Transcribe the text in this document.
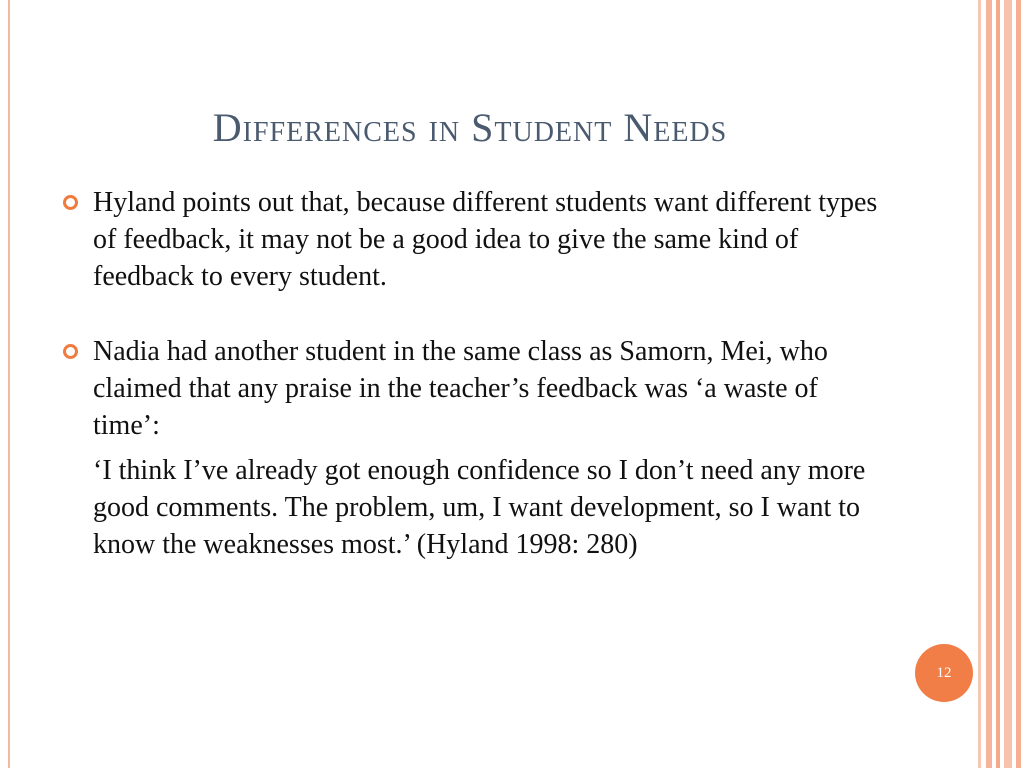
Differences in Student Needs
Hyland points out that, because different students want different types of feedback, it may not be a good idea to give the same kind of feedback to every student.
Nadia had another student in the same class as Samorn, Mei, who claimed that any praise in the teacher’s feedback was ‘a waste of time’:
‘I think I’ve already got enough confidence so I don’t need any more good comments. The problem, um, I want development, so I want to know the weaknesses most.’ (Hyland 1998: 280)
12
